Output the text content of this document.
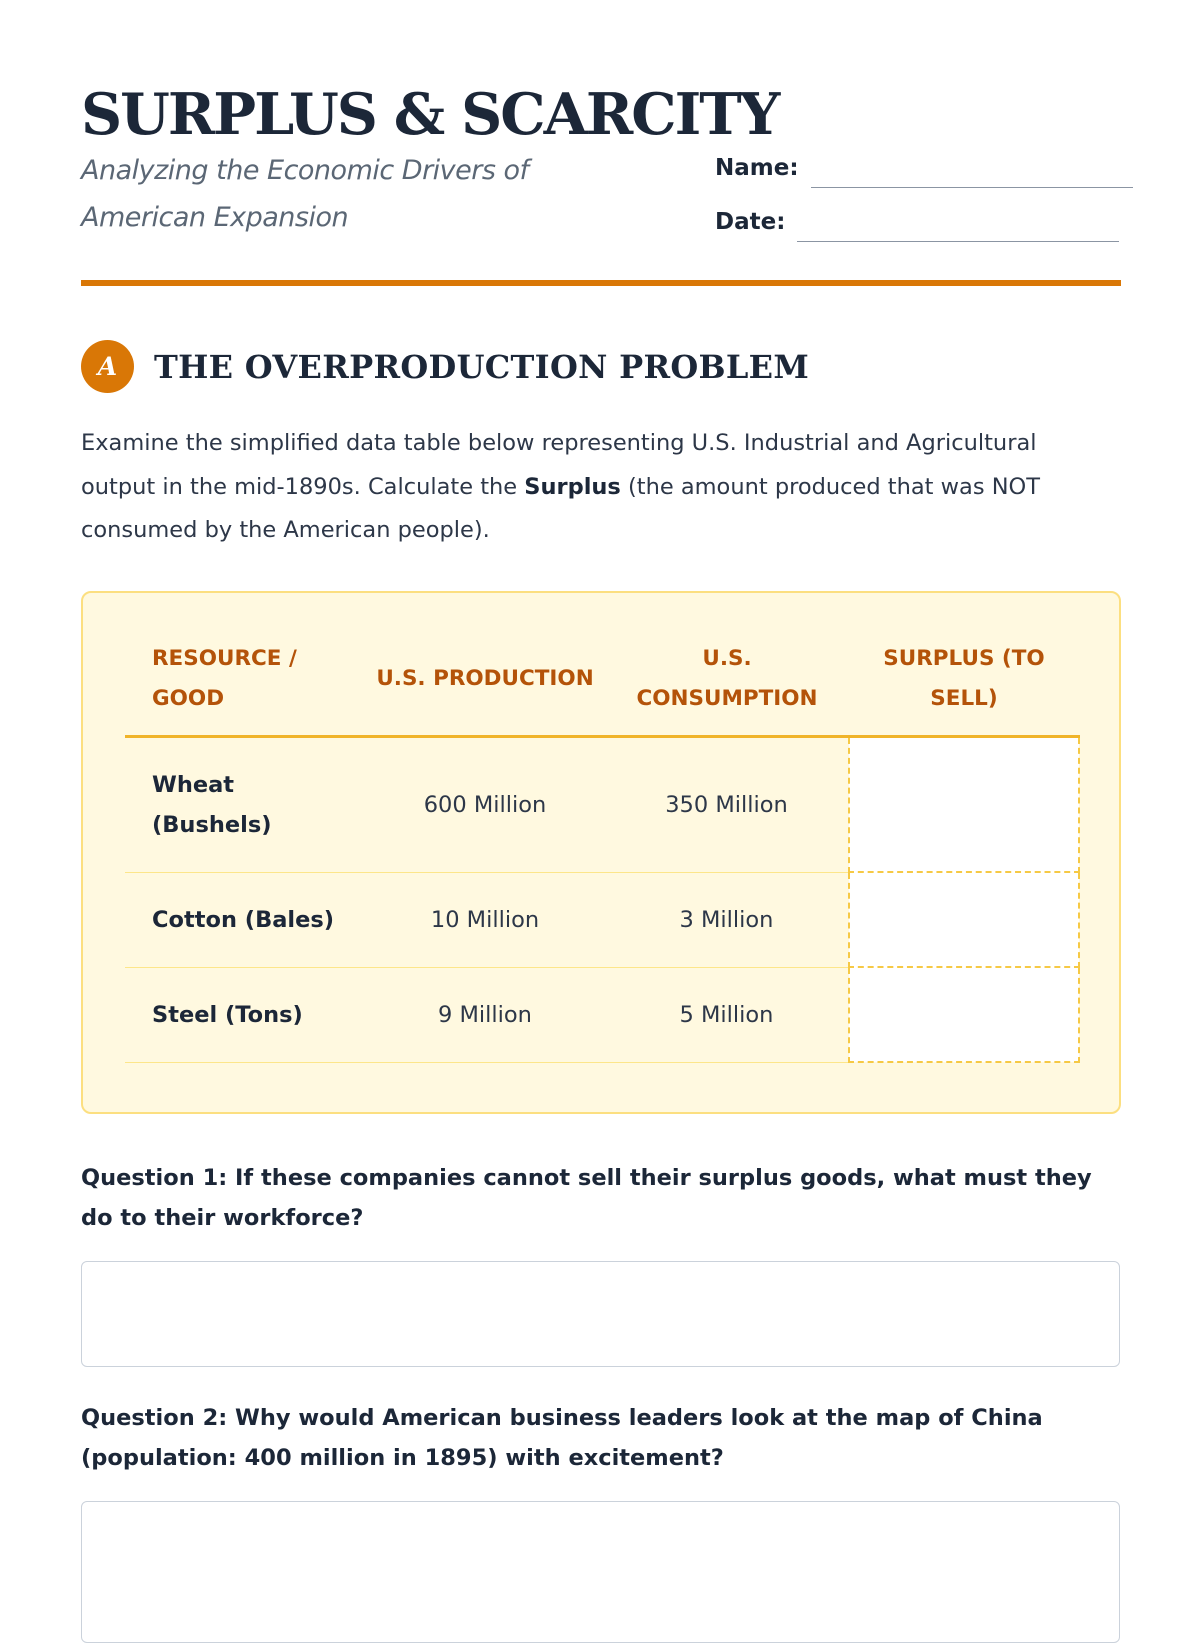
SURPLUS & SCARCITY

Analyzing the Economic Drivers of American Expansion

Name:
Date:
A	THE OVERPRODUCTION PROBLEM

Examine the simplified data table below representing U.S. Industrial and Agricultural output in the mid-1890s. Calculate the Surplus (the amount produced that was NOT consumed by the American people).

RESOURCE / GOOD	U.S. PRODUCTION	U.S. CONSUMPTION	SURPLUS (TO SELL)
Wheat (Bushels)	600 Million	350 Million	
Cotton (Bales)	10 Million	3 Million	
Steel (Tons)	9 Million	5 Million	

Question 1: If these companies cannot sell their surplus goods, what must they do to their workforce?

Question 2: Why would American business leaders look at the map of China (population: 400 million in 1895) with excitement?
